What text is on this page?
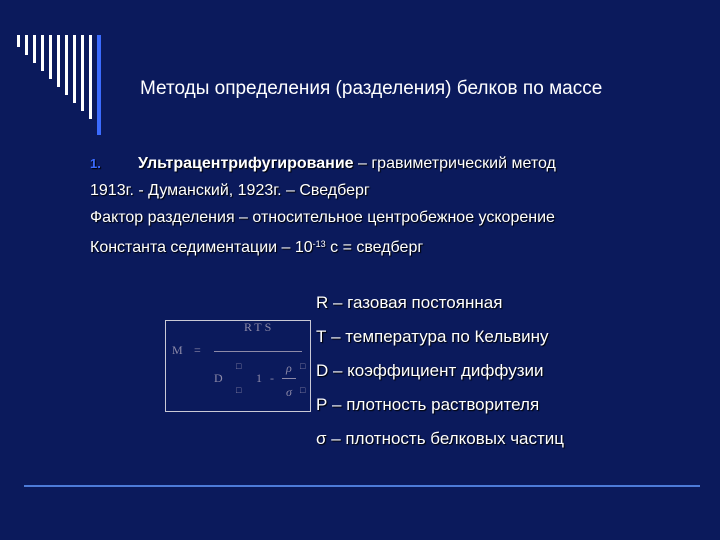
Методы определения (разделения) белков по массе
1. Ультрацентрифугирование – гравиметрический метод
1913г. - Думанский, 1923г. – Сведберг
Фактор разделения – относительное центробежное ускорение
Константа седиментации – $10^{-13}$ с = сведберг
M =
RTS
D
□
□
1 -
ρ
σ
□
□
R – газовая постоянная
Т – температура по Кельвину
D – коэффициент диффузии
Р – плотность растворителя
σ – плотность белковых частиц
